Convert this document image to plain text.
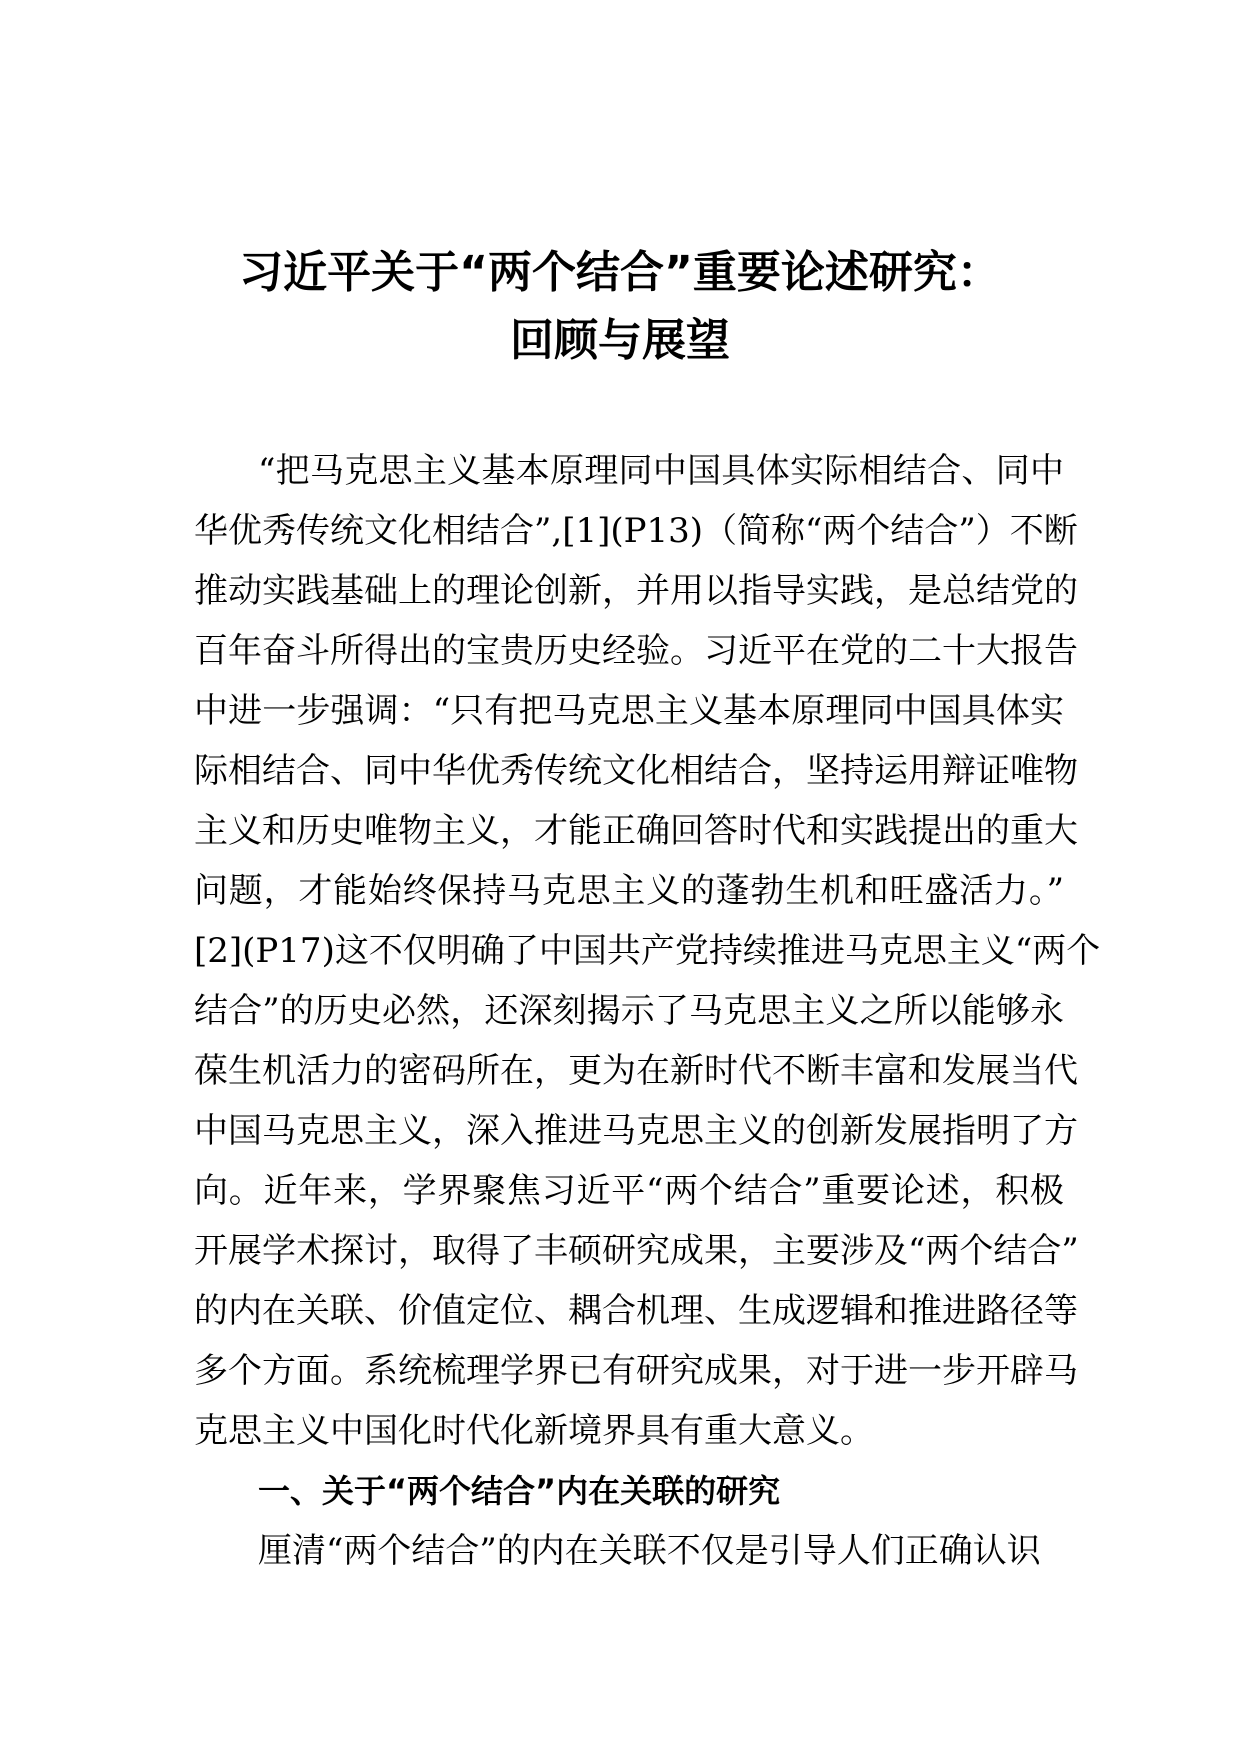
习近平关于“两个结合”重要论述研究：
回顾与展望
“把马克思主义基本原理同中国具体实际相结合、同中
华优秀传统文化相结合”,[1](P13)（简称“两个结合”）不断
推动实践基础上的理论创新，并用以指导实践，是总结党的
百年奋斗所得出的宝贵历史经验。习近平在党的二十大报告
中进一步强调：“只有把马克思主义基本原理同中国具体实
际相结合、同中华优秀传统文化相结合，坚持运用辩证唯物
主义和历史唯物主义，才能正确回答时代和实践提出的重大
问题，才能始终保持马克思主义的蓬勃生机和旺盛活力。”
[2](P17)这不仅明确了中国共产党持续推进马克思主义“两个
结合”的历史必然，还深刻揭示了马克思主义之所以能够永
葆生机活力的密码所在，更为在新时代不断丰富和发展当代
中国马克思主义，深入推进马克思主义的创新发展指明了方
向。近年来，学界聚焦习近平“两个结合”重要论述，积极
开展学术探讨，取得了丰硕研究成果，主要涉及“两个结合”
的内在关联、价值定位、耦合机理、生成逻辑和推进路径等
多个方面。系统梳理学界已有研究成果，对于进一步开辟马
克思主义中国化时代化新境界具有重大意义。
一、关于“两个结合”内在关联的研究
厘清“两个结合”的内在关联不仅是引导人们正确认识
